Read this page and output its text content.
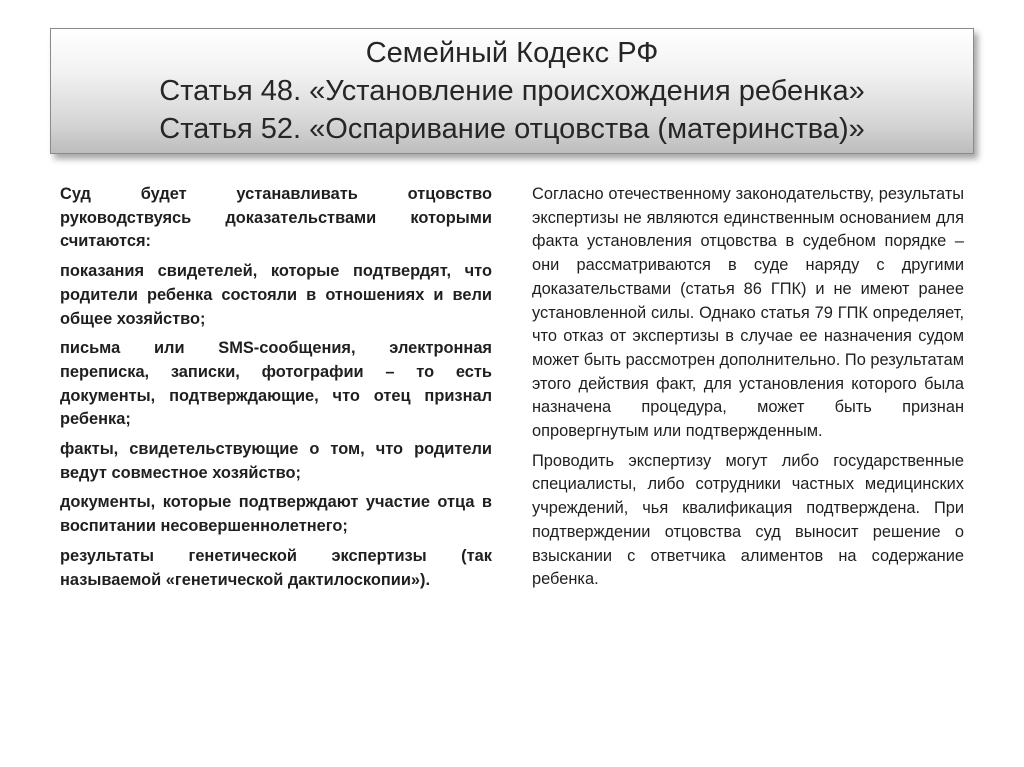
Семейный Кодекс РФ
Статья 48. «Установление происхождения ребенка»
Статья 52. «Оспаривание отцовства (материнства)»

Суд будет устанавливать отцовство руководствуясь доказательствами которыми считаются:

показания свидетелей, которые подтвердят, что родители ребенка состояли в отношениях и вели общее хозяйство;

письма или SMS-сообщения, электронная переписка, записки, фотографии – то есть документы, подтверждающие, что отец признал ребенка;

факты, свидетельствующие о том, что родители ведут совместное хозяйство;

документы, которые подтверждают участие отца в воспитании несовершеннолетнего;

результаты генетической экспертизы (так называемой «генетической дактилоскопии»).

Согласно отечественному законодательству, результаты экспертизы не являются единственным основанием для факта установления отцовства в судебном порядке – они рассматриваются в суде наряду с другими доказательствами (статья 86 ГПК) и не имеют ранее установленной силы. Однако статья 79 ГПК определяет, что отказ от экспертизы в случае ее назначения судом может быть рассмотрен дополнительно. По результатам этого действия факт, для установления которого была назначена процедура, может быть признан опровергнутым или подтвержденным.

Проводить экспертизу могут либо государственные специалисты, либо сотрудники частных медицинских учреждений, чья квалификация подтверждена. При подтверждении отцовства суд выносит решение о взыскании с ответчика алиментов на содержание ребенка.
